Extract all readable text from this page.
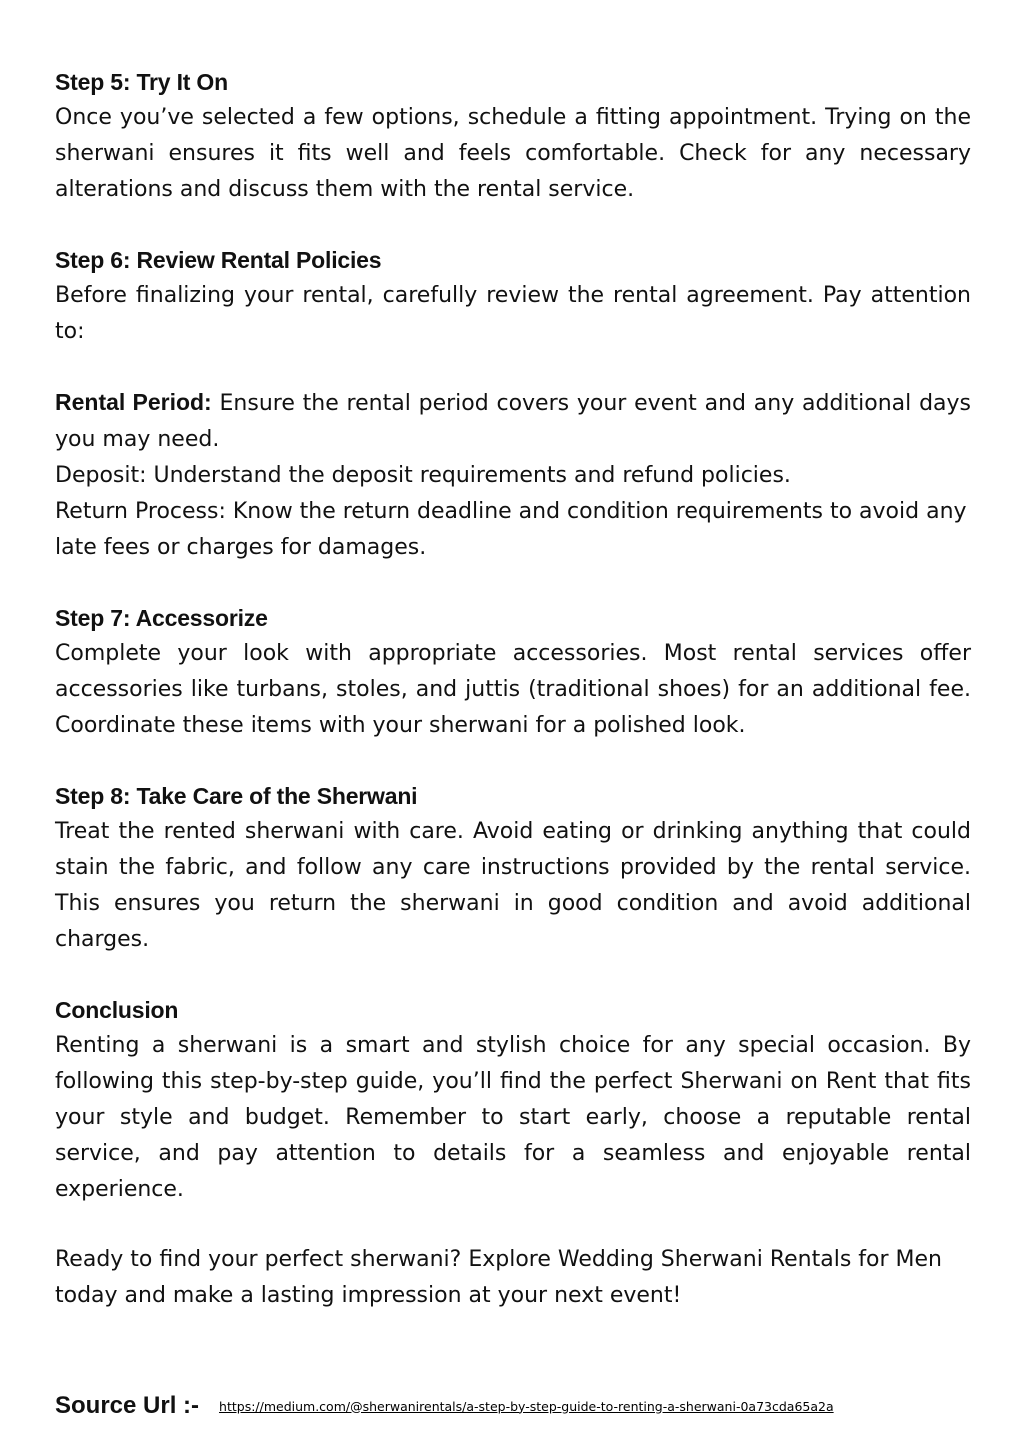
Step 5: Try It On

Once you’ve selected a few options, schedule a fitting appointment. Trying on the sherwani ensures it fits well and feels comfortable. Check for any necessary alterations and discuss them with the rental service.

Step 6: Review Rental Policies

Before finalizing your rental, carefully review the rental agreement. Pay attention to:

Rental Period: Ensure the rental period covers your event and any additional days you may need.

Deposit: Understand the deposit requirements and refund policies.

Return Process: Know the return deadline and condition requirements to avoid any late fees or charges for damages.

Step 7: Accessorize

Complete your look with appropriate accessories. Most rental services offer accessories like turbans, stoles, and juttis (traditional shoes) for an additional fee. Coordinate these items with your sherwani for a polished look.

Step 8: Take Care of the Sherwani

Treat the rented sherwani with care. Avoid eating or drinking anything that could stain the fabric, and follow any care instructions provided by the rental service. This ensures you return the sherwani in good condition and avoid additional charges.

Conclusion

Renting a sherwani is a smart and stylish choice for any special occasion. By following this step-by-step guide, you’ll find the perfect Sherwani on Rent that fits your style and budget. Remember to start early, choose a reputable rental service, and pay attention to details for a seamless and enjoyable rental experience.

Ready to find your perfect sherwani? Explore Wedding Sherwani Rentals for Men today and make a lasting impression at your next event!

Source Url :- https://medium.com/@sherwanirentals/a-step-by-step-guide-to-renting-a-sherwani-0a73cda65a2a
